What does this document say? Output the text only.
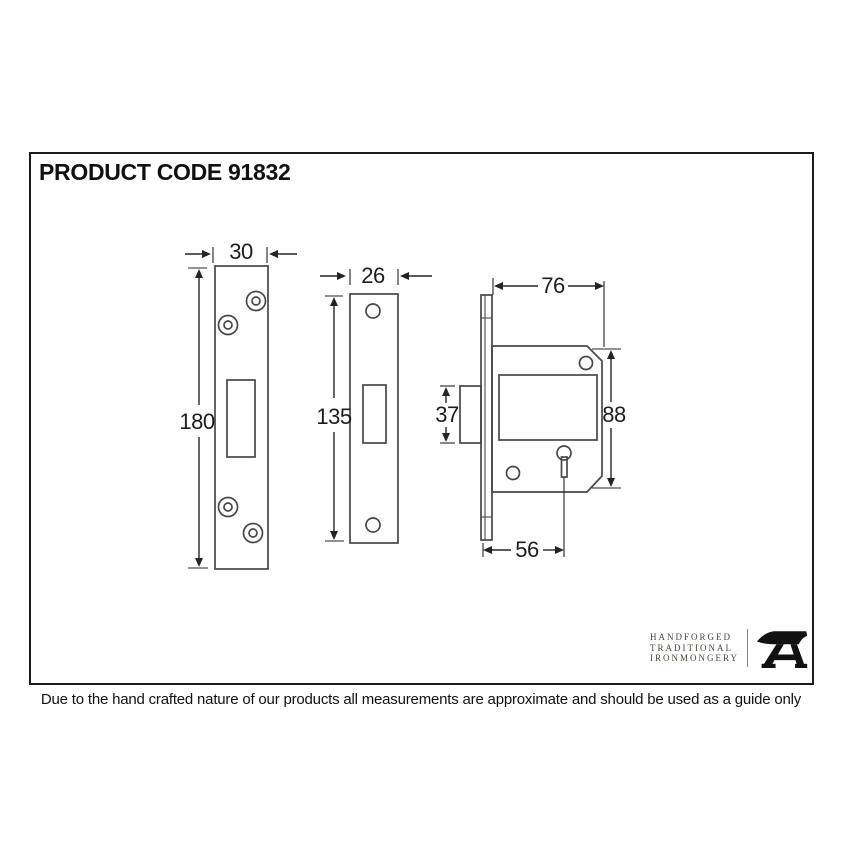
PRODUCT CODE 91832
30
180
26
135
76
88
37
56
HANDFORGED
TRADITIONAL
IRONMONGERY
Due to the hand crafted nature of our products all measurements are approximate and should be used as a guide only
